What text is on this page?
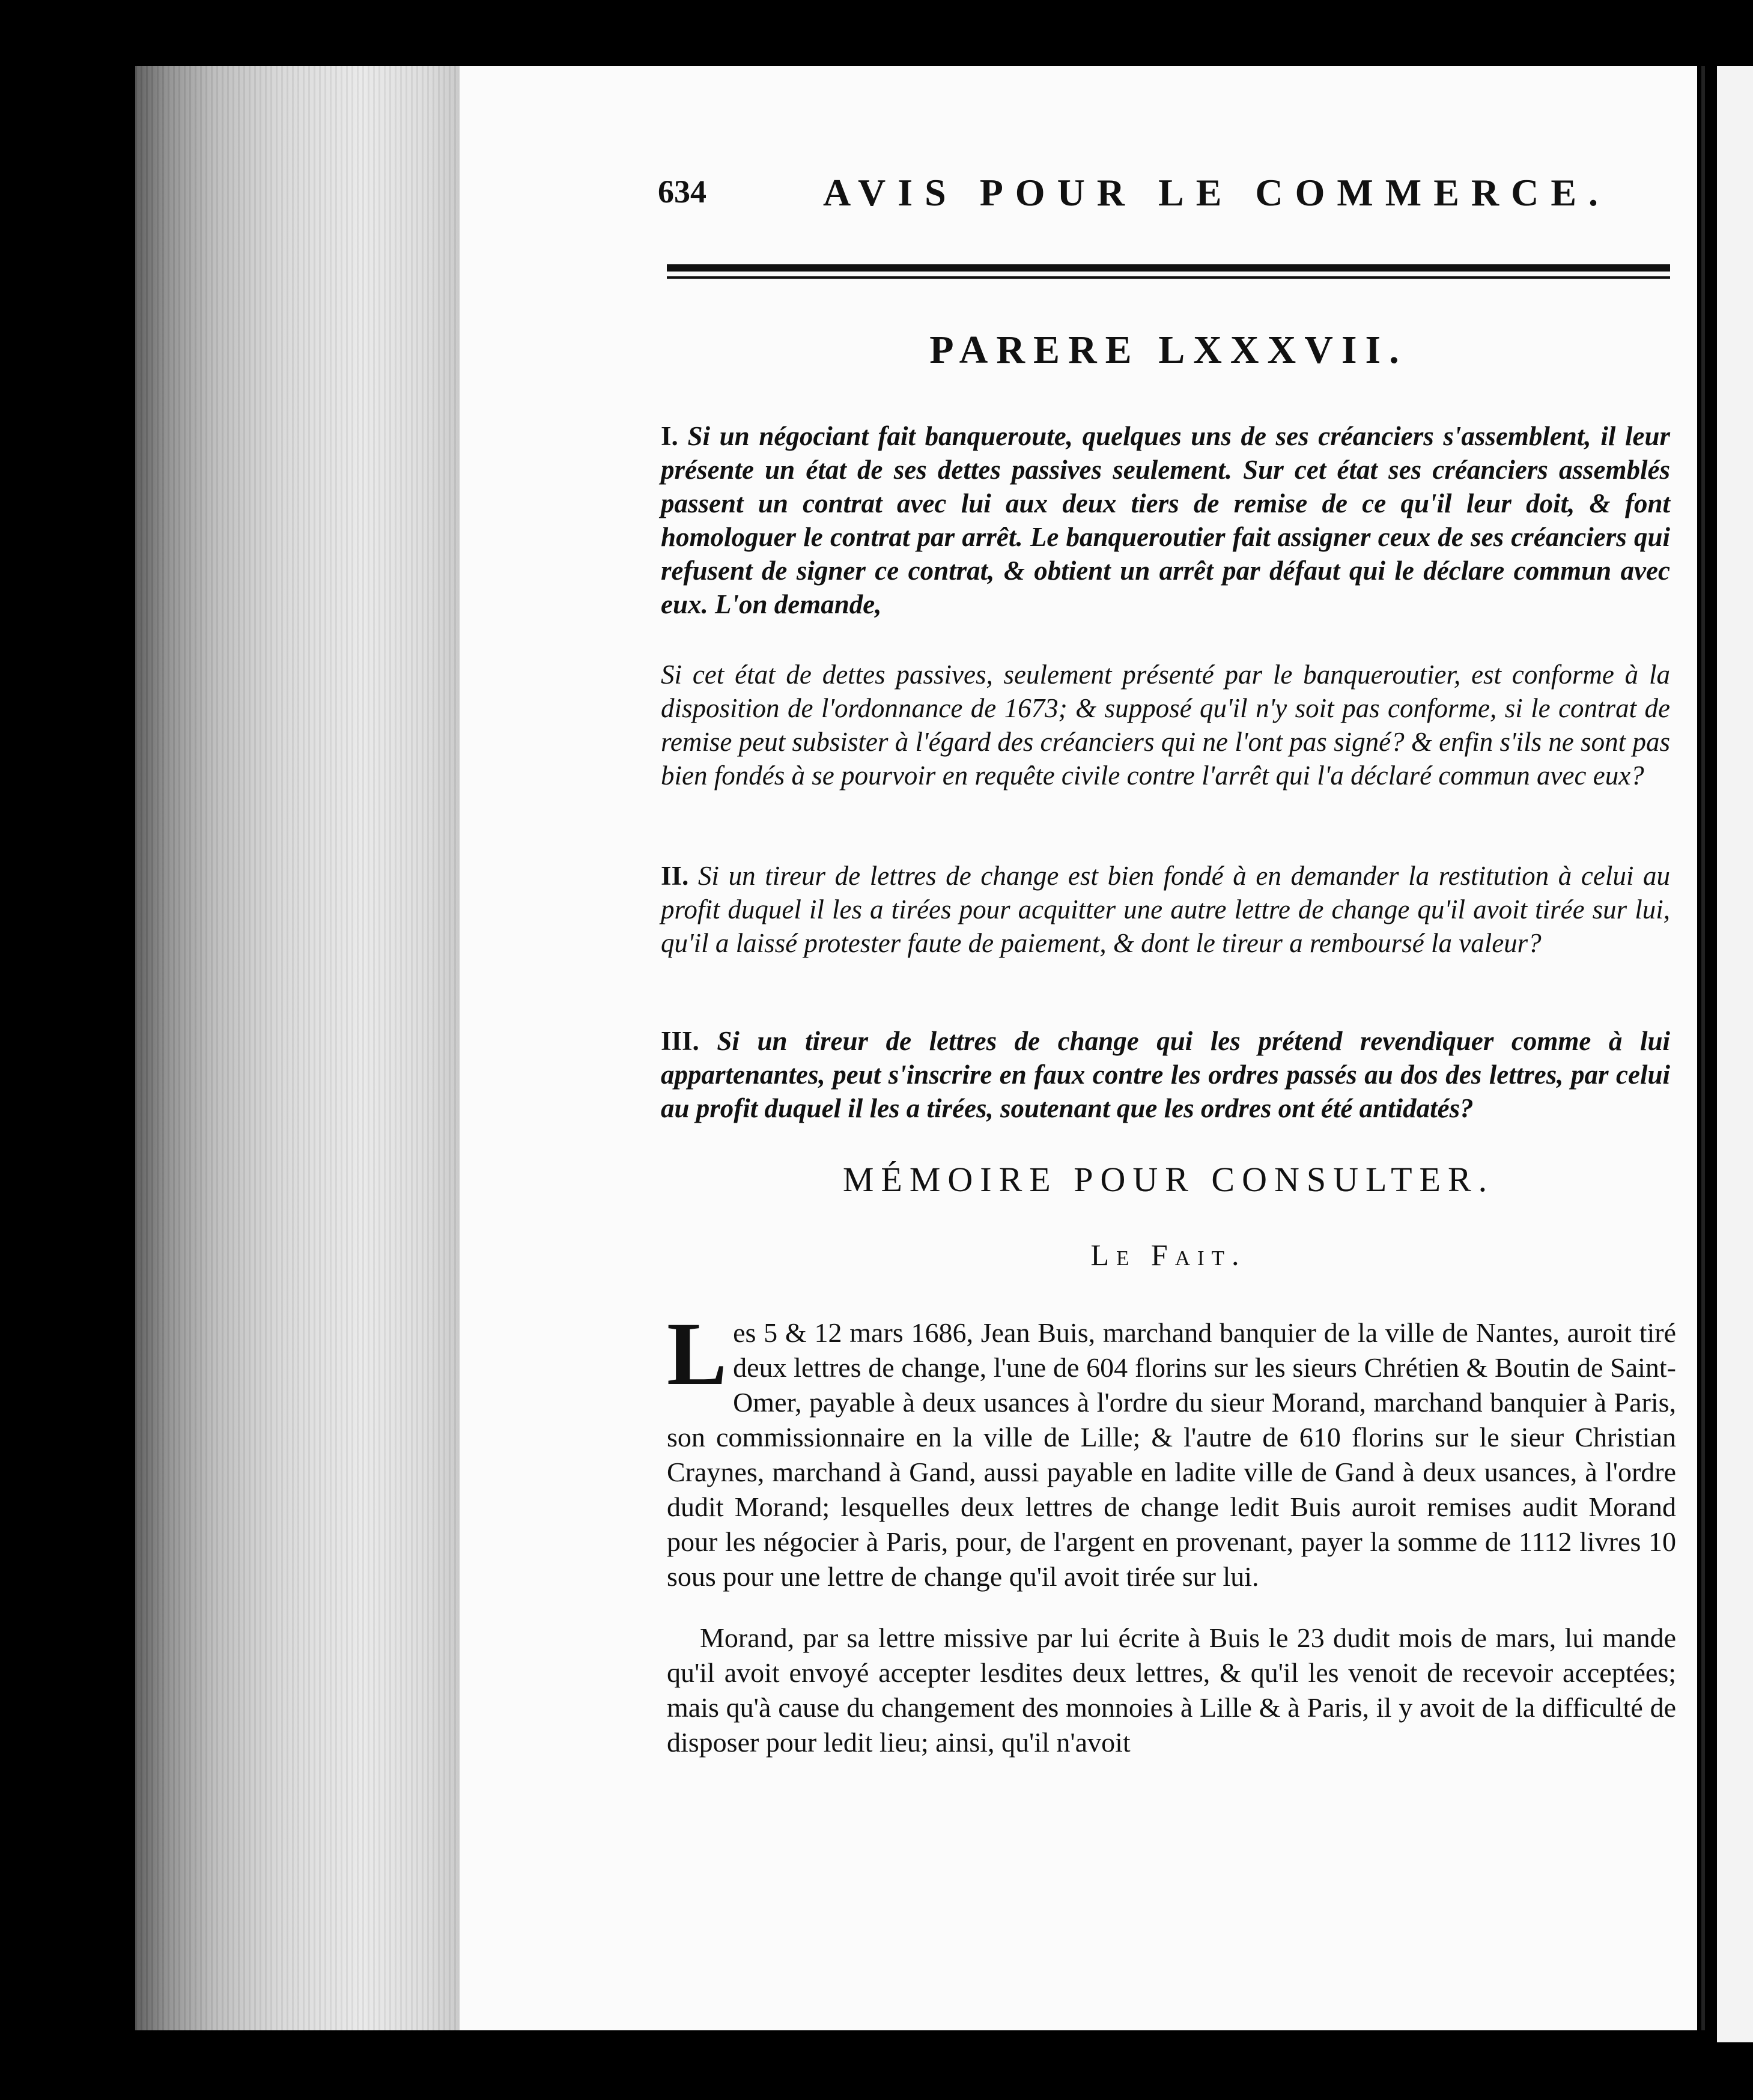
634	AVIS POUR LE COMMERCE.
PARERE LXXXVII.

I. Si un négociant fait banqueroute, quelques uns de ses créanciers s'assemblent, il leur présente un état de ses dettes passives seulement. Sur cet état ses créanciers assemblés passent un contrat avec lui aux deux tiers de remise de ce qu'il leur doit, & font homologuer le contrat par arrêt. Le banqueroutier fait assigner ceux de ses créanciers qui refusent de signer ce contrat, & obtient un arrêt par défaut qui le déclare commun avec eux. L'on demande,

Si cet état de dettes passives, seulement présenté par le banqueroutier, est conforme à la disposition de l'ordonnance de 1673; & supposé qu'il n'y soit pas conforme, si le contrat de remise peut subsister à l'égard des créanciers qui ne l'ont pas signé? & enfin s'ils ne sont pas bien fondés à se pourvoir en requête civile contre l'arrêt qui l'a déclaré commun avec eux?

II. Si un tireur de lettres de change est bien fondé à en demander la restitution à celui au profit duquel il les a tirées pour acquitter une autre lettre de change qu'il avoit tirée sur lui, qu'il a laissé protester faute de paiement, & dont le tireur a remboursé la valeur?

III. Si un tireur de lettres de change qui les prétend revendiquer comme à lui appartenantes, peut s'inscrire en faux contre les ordres passés au dos des lettres, par celui au profit duquel il les a tirées, soutenant que les ordres ont été antidatés?

MÉMOIRE POUR CONSULTER.
Le Fait.

Les 5 & 12 mars 1686, Jean Buis, marchand banquier de la ville de Nantes, auroit tiré deux lettres de change, l'une de 604 florins sur les sieurs Chrétien & Boutin de Saint-Omer, payable à deux usances à l'ordre du sieur Morand, marchand banquier à Paris, son commissionnaire en la ville de Lille; & l'autre de 610 florins sur le sieur Christian Craynes, marchand à Gand, aussi payable en ladite ville de Gand à deux usances, à l'ordre dudit Morand; lesquelles deux lettres de change ledit Buis auroit remises audit Morand pour les négocier à Paris, pour, de l'argent en provenant, payer la somme de 1112 livres 10 sous pour une lettre de change qu'il avoit tirée sur lui.

Morand, par sa lettre missive par lui écrite à Buis le 23 dudit mois de mars, lui mande qu'il avoit envoyé accepter lesdites deux lettres, & qu'il les venoit de recevoir acceptées; mais qu'à cause du changement des monnoies à Lille & à Paris, il y avoit de la difficulté de disposer pour ledit lieu; ainsi, qu'il n'avoit
